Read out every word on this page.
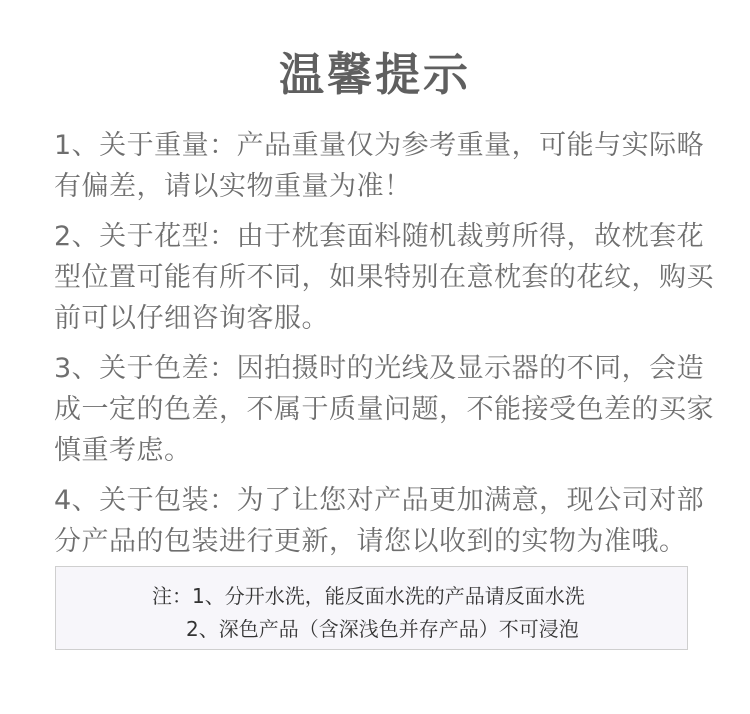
温馨提示

1、关于重量：产品重量仅为参考重量，可能与实际略有偏差，请以实物重量为准！

2、关于花型：由于枕套面料随机裁剪所得，故枕套花型位置可能有所不同，如果特别在意枕套的花纹，购买前可以仔细咨询客服。

3、关于色差：因拍摄时的光线及显示器的不同，会造成一定的色差，不属于质量问题，不能接受色差的买家慎重考虑。

4、关于包装：为了让您对产品更加满意，现公司对部分产品的包装进行更新，请您以收到的实物为准哦。

注：1、分开水洗，能反面水洗的产品请反面水洗
2、深色产品（含深浅色并存产品）不可浸泡
